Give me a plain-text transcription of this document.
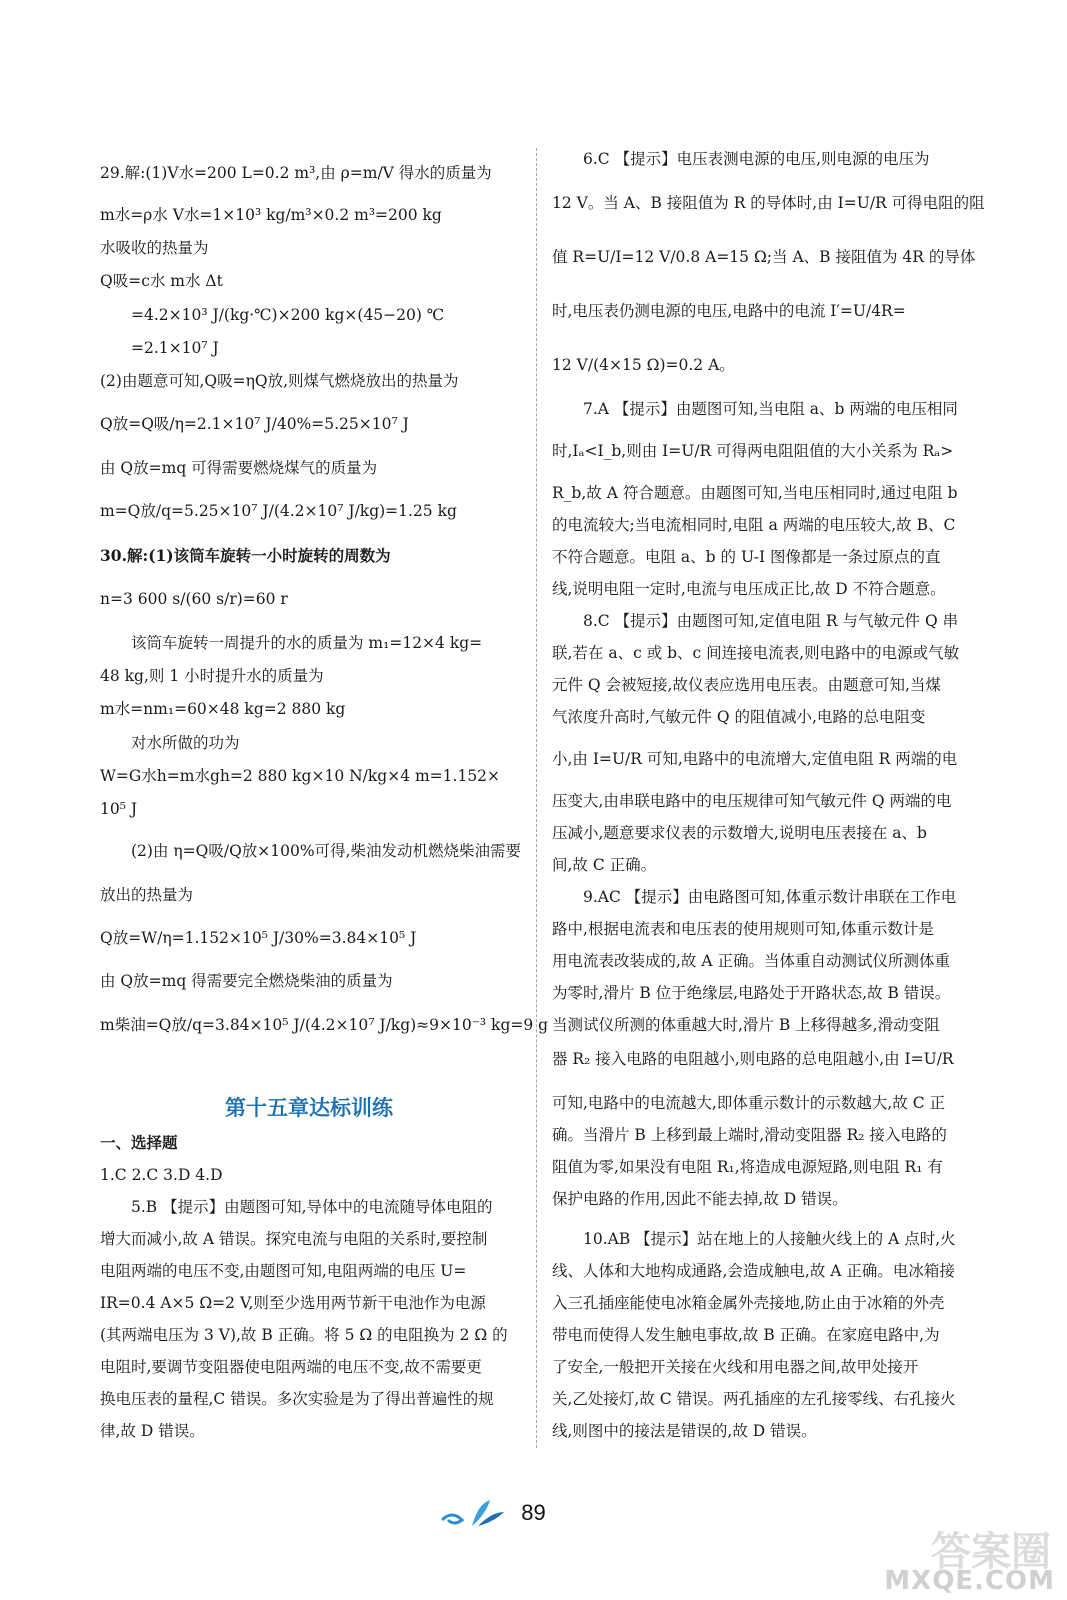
29.解:(1)V水=200 L=0.2 m³,由 ρ=m/V 得水的质量为
m水=ρ水 V水=1×10³ kg/m³×0.2 m³=200 kg
水吸收的热量为
Q吸=c水 m水 Δt
=4.2×10³ J/(kg·℃)×200 kg×(45−20) ℃
=2.1×10⁷ J
(2)由题意可知,Q吸=ηQ放,则煤气燃烧放出的热量为
Q放=Q吸/η=2.1×10⁷ J/40%=5.25×10⁷ J
由 Q放=mq 可得需要燃烧煤气的质量为
m=Q放/q=5.25×10⁷ J/(4.2×10⁷ J/kg)=1.25 kg
30.解:(1)该筒车旋转一小时旋转的周数为
n=3 600 s/(60 s/r)=60 r
该筒车旋转一周提升的水的质量为 m₁=12×4 kg=
48 kg,则 1 小时提升水的质量为
m水=nm₁=60×48 kg=2 880 kg
对水所做的功为
W=G水h=m水gh=2 880 kg×10 N/kg×4 m=1.152×
10⁵ J
(2)由 η=Q吸/Q放×100%可得,柴油发动机燃烧柴油需要
放出的热量为
Q放=W/η=1.152×10⁵ J/30%=3.84×10⁵ J
由 Q放=mq 得需要完全燃烧柴油的质量为
m柴油=Q放/q=3.84×10⁵ J/(4.2×10⁷ J/kg)≈9×10⁻³ kg=9 g
第十五章达标训练
一、选择题
1.C 2.C 3.D 4.D
5.B 【提示】由题图可知,导体中的电流随导体电阻的
增大而减小,故 A 错误。探究电流与电阻的关系时,要控制
电阻两端的电压不变,由题图可知,电阻两端的电压 U=
IR=0.4 A×5 Ω=2 V,则至少选用两节新干电池作为电源
(其两端电压为 3 V),故 B 正确。将 5 Ω 的电阻换为 2 Ω 的
电阻时,要调节变阻器使电阻两端的电压不变,故不需要更
换电压表的量程,C 错误。多次实验是为了得出普遍性的规
律,故 D 错误。
6.C 【提示】电压表测电源的电压,则电源的电压为
12 V。当 A、B 接阻值为 R 的导体时,由 I=U/R 可得电阻的阻
值 R=U/I=12 V/0.8 A=15 Ω;当 A、B 接阻值为 4R 的导体
时,电压表仍测电源的电压,电路中的电流 I′=U/4R=
12 V/(4×15 Ω)=0.2 A。
7.A 【提示】由题图可知,当电阻 a、b 两端的电压相同
时,Iₐ<I_b,则由 I=U/R 可得两电阻阻值的大小关系为 Rₐ>
R_b,故 A 符合题意。由题图可知,当电压相同时,通过电阻 b
的电流较大;当电流相同时,电阻 a 两端的电压较大,故 B、C
不符合题意。电阻 a、b 的 U-I 图像都是一条过原点的直
线,说明电阻一定时,电流与电压成正比,故 D 不符合题意。
8.C 【提示】由题图可知,定值电阻 R 与气敏元件 Q 串
联,若在 a、c 或 b、c 间连接电流表,则电路中的电源或气敏
元件 Q 会被短接,故仪表应选用电压表。由题意可知,当煤
气浓度升高时,气敏元件 Q 的阻值减小,电路的总电阻变
小,由 I=U/R 可知,电路中的电流增大,定值电阻 R 两端的电
压变大,由串联电路中的电压规律可知气敏元件 Q 两端的电
压减小,题意要求仪表的示数增大,说明电压表接在 a、b
间,故 C 正确。
9.AC 【提示】由电路图可知,体重示数计串联在工作电
路中,根据电流表和电压表的使用规则可知,体重示数计是
用电流表改装成的,故 A 正确。当体重自动测试仪所测体重
为零时,滑片 B 位于绝缘层,电路处于开路状态,故 B 错误。
当测试仪所测的体重越大时,滑片 B 上移得越多,滑动变阻
器 R₂ 接入电路的电阻越小,则电路的总电阻越小,由 I=U/R
可知,电路中的电流越大,即体重示数计的示数越大,故 C 正
确。当滑片 B 上移到最上端时,滑动变阻器 R₂ 接入电路的
阻值为零,如果没有电阻 R₁,将造成电源短路,则电阻 R₁ 有
保护电路的作用,因此不能去掉,故 D 错误。
10.AB 【提示】站在地上的人接触火线上的 A 点时,火
线、人体和大地构成通路,会造成触电,故 A 正确。电冰箱接
入三孔插座能使电冰箱金属外壳接地,防止由于冰箱的外壳
带电而使得人发生触电事故,故 B 正确。在家庭电路中,为
了安全,一般把开关接在火线和用电器之间,故甲处接开
关,乙处接灯,故 C 错误。两孔插座的左孔接零线、右孔接火
线,则图中的接法是错误的,故 D 错误。
89
答案圈
MXQE.COM
